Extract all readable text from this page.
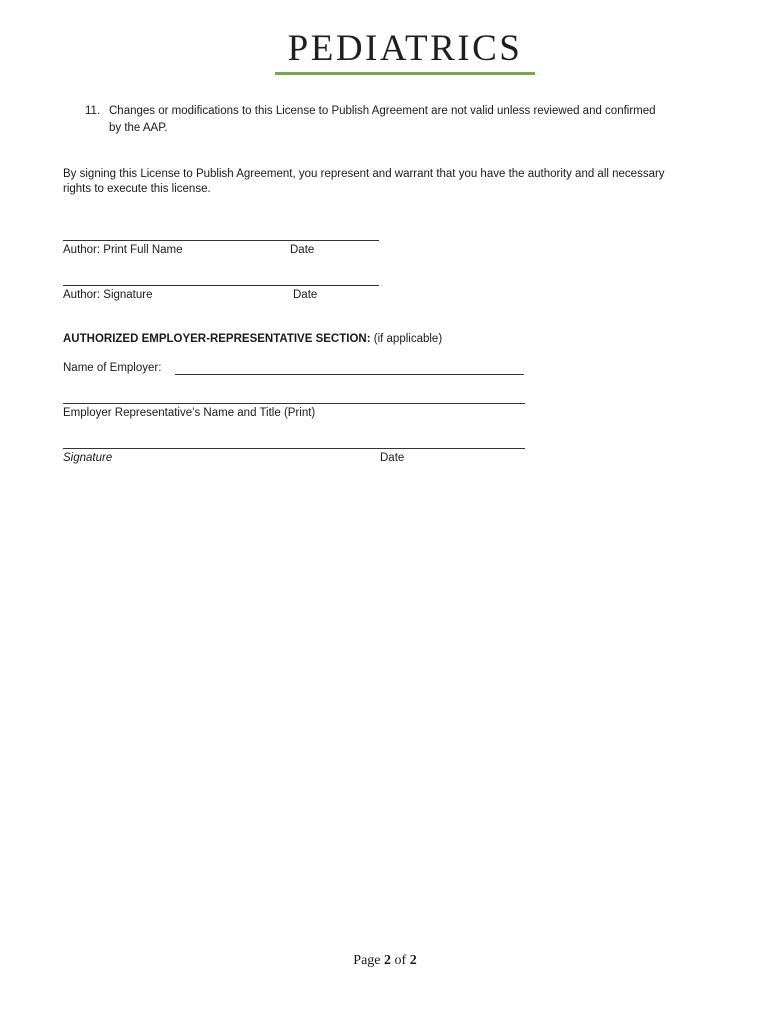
PEDIATRICS
11. Changes or modifications to this License to Publish Agreement are not valid unless reviewed and confirmed by the AAP.
By signing this License to Publish Agreement, you represent and warrant that you have the authority and all necessary rights to execute this license.
Author: Print Full Name	Date
Author: Signature	Date
AUTHORIZED EMPLOYER-REPRESENTATIVE SECTION: (if applicable)
Name of Employer:
Employer Representative’s Name and Title (Print)
Signature	Date
Page 2 of 2
